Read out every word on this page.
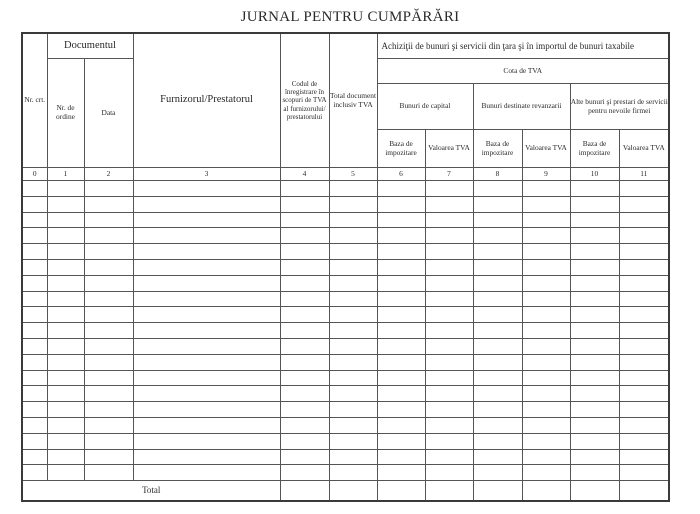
JURNAL PENTRU CUMPĂRĂRI
Nr. crt.	Documentul		Furnizorul/Prestatorul	Codul de înregistrare în scopuri de TVA al furnizorului/ prestatorului	Total document inclusiv TVA	Achiziţii de bunuri şi servicii din ţara şi în importul de bunuri taxabile					
	Nr. de ordine	Data				Cota de TVA					
						Bunuri de capital		Bunuri destinate revanzarii		Alte bunuri şi prestari de servicii pentru nevoile firmei	
						Baza de impozitare	Valoarea TVA	Baza de impozitare	Valoarea TVA	Baza de impozitare	Valoarea TVA
0	1	2	3	4	5	6	7	8	9	10	11

Total											
